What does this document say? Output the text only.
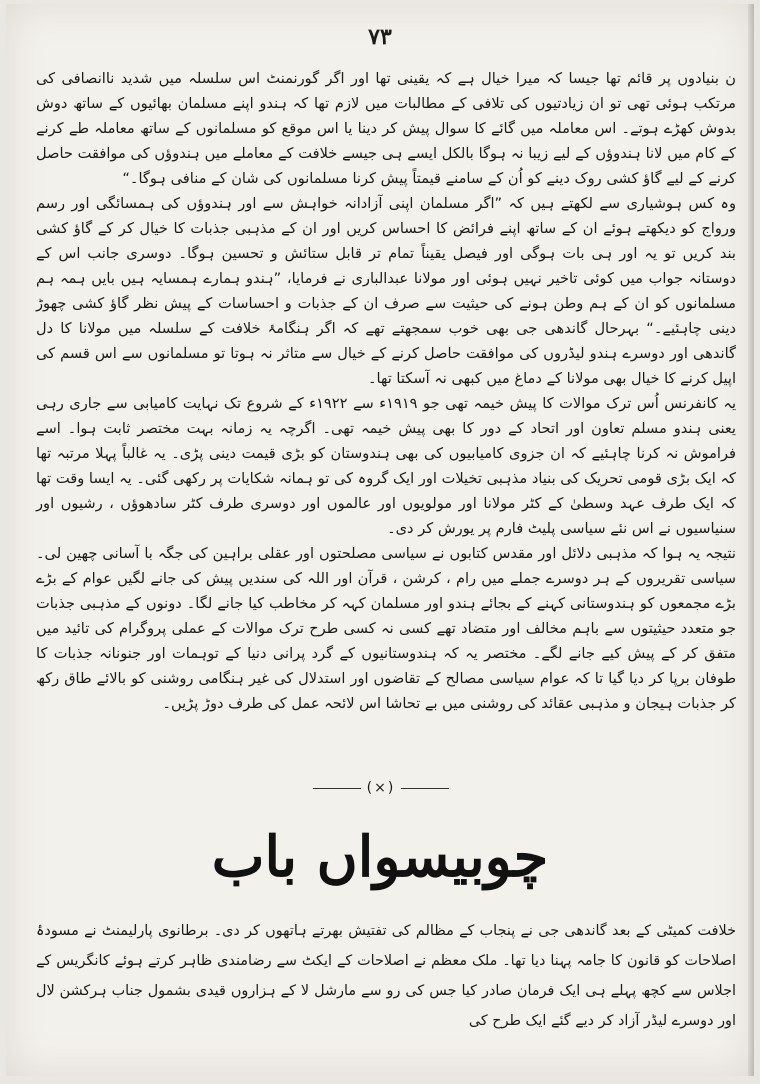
۷۳

ن بنیادوں پر قائم تھا جیسا کہ میرا خیال ہے کہ یقینی تھا اور اگر گورنمنٹ اس سلسلہ میں شدید ناانصافی کی مرتکب ہوئی تھی تو ان زیادتیوں کی تلافی کے مطالبات میں لازم تھا کہ ہندو اپنے مسلمان بھائیوں کے ساتھ دوش بدوش کھڑے ہوتے۔ اس معاملہ میں گائے کا سوال پیش کر دینا یا اس موقع کو مسلمانوں کے ساتھ معاملہ طے کرنے کے کام میں لانا ہندوؤں کے لیے زیبا نہ ہوگا بالکل ایسے ہی جیسے خلافت کے معاملے میں ہندوؤں کی موافقت حاصل کرنے کے لیے گاؤ کشی روک دینے کو اُن کے سامنے قیمتاً پیش کرنا مسلمانوں کی شان کے منافی ہوگا۔“

وہ کس ہوشیاری سے لکھتے ہیں کہ ”اگر مسلمان اپنی آزادانہ خواہش سے اور ہندوؤں کی ہمسائگی اور رسم ورواج کو دیکھتے ہوئے ان کے ساتھ اپنے فرائض کا احساس کریں اور ان کے مذہبی جذبات کا خیال کر کے گاؤ کشی بند کریں تو یہ اور ہی بات ہوگی اور فیصل یقیناً تمام تر قابل ستائش و تحسین ہوگا۔ دوسری جانب اس کے دوستانہ جواب میں کوئی تاخیر نہیں ہوئی اور مولانا عبدالباری نے فرمایا، ”ہندو ہمارے ہمسایہ ہیں بایں ہمہ ہم مسلمانوں کو ان کے ہم وطن ہونے کی حیثیت سے صرف ان کے جذبات و احساسات کے پیش نظر گاؤ کشی چھوڑ دینی چاہئیے۔“ بہرحال گاندھی جی بھی خوب سمجھتے تھے کہ اگر ہنگامۂ خلافت کے سلسلہ میں مولانا کا دل گاندھی اور دوسرے ہندو لیڈروں کی موافقت حاصل کرنے کے خیال سے متاثر نہ ہوتا تو مسلمانوں سے اس قسم کی اپیل کرنے کا خیال بھی مولانا کے دماغ میں کبھی نہ آسکتا تھا۔

یہ کانفرنس اُس ترک موالات کا پیش خیمہ تھی جو ۱۹۱۹ء سے ۱۹۲۲ء کے شروع تک نہایت کامیابی سے جاری رہی یعنی ہندو مسلم تعاون اور اتحاد کے دور کا بھی پیش خیمہ تھی۔ اگرچہ یہ زمانہ بہت مختصر ثابت ہوا۔ اسے فراموش نہ کرنا چاہئیے کہ ان جزوی کامیابیوں کی بھی ہندوستان کو بڑی قیمت دینی پڑی۔ یہ غالباً پہلا مرتبہ تھا کہ ایک بڑی قومی تحریک کی بنیاد مذہبی تخیلات اور ایک گروہ کی تو ہمانہ شکایات پر رکھی گئی۔ یہ ایسا وقت تھا کہ ایک طرف عہد وسطیٰ کے کٹر مولانا اور مولویوں اور عالموں اور دوسری طرف کٹر سادھوؤں ، رشیوں اور سنیاسیوں نے اس نئے سیاسی پلیٹ فارم پر یورش کر دی۔

نتیجہ یہ ہوا کہ مذہبی دلائل اور مقدس کتابوں نے سیاسی مصلحتوں اور عقلی براہین کی جگہ با آسانی چھین لی۔ سیاسی تقریروں کے ہر دوسرے جملے میں رام ، کرشن ، قرآن اور اللہ کی سندیں پیش کی جانے لگیں عوام کے بڑے بڑے مجمعوں کو ہندوستانی کہنے کے بجائے ہندو اور مسلمان کہہ کر مخاطب کیا جانے لگا۔ دونوں کے مذہبی جذبات جو متعدد حیثیتوں سے باہم مخالف اور متضاد تھے کسی نہ کسی طرح ترک موالات کے عملی پروگرام کی تائید میں متفق کر کے پیش کیے جانے لگے۔ مختصر یہ کہ ہندوستانیوں کے گرد پرانی دنیا کے توہمات اور جنونانہ جذبات کا طوفان برپا کر دیا گیا تا کہ عوام سیاسی مصالح کے تقاضوں اور استدلال کی غیر ہنگامی روشنی کو بالائے طاق رکھ کر جذبات ہیجان و مذہبی عقائد کی روشنی میں بے تحاشا اس لائحہ عمل کی طرف دوڑ پڑیں۔

(×)
چوبیسواں باب

خلافت کمیٹی کے بعد گاندھی جی نے پنجاب کے مظالم کی تفتیش بھرتے ہاتھوں کر دی۔ برطانوی پارلیمنٹ نے مسودۂ اصلاحات کو قانون کا جامہ پہنا دیا تھا۔ ملک معظم نے اصلاحات کے ایکٹ سے رضامندی ظاہر کرتے ہوئے کانگریس کے اجلاس سے کچھ پہلے ہی ایک فرمان صادر کیا جس کی رو سے مارشل لا کے ہزاروں قیدی بشمول جناب ہرکشن لال اور دوسرے لیڈر آزاد کر دیے گئے ایک طرح کی
